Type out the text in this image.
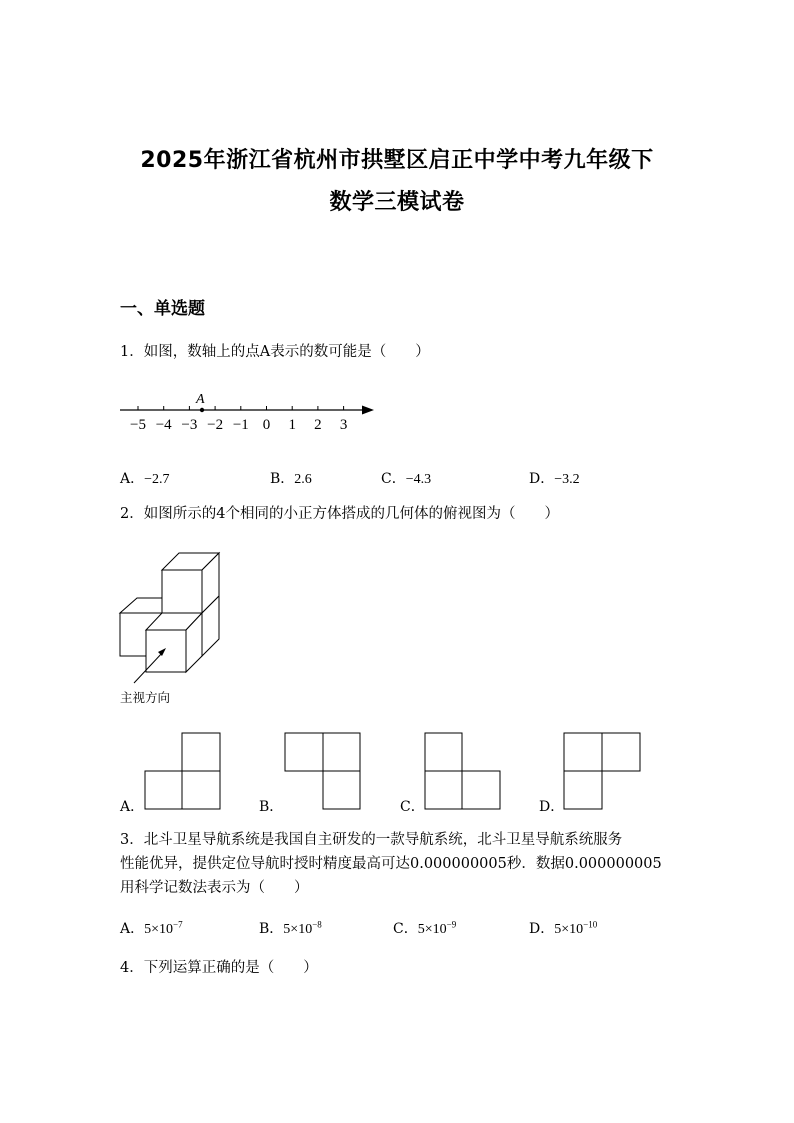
2025年浙江省杭州市拱墅区启正中学中考九年级下
数学三模试卷
一、单选题
1．如图，数轴上的点A表示的数可能是（　　）
−5 −4 −3 −2 −1 0 1 2 3
A
A．−2.7	B．2.6	C．−4.3	D．−3.2
2．如图所示的4个相同的小正方体搭成的几何体的俯视图为（　　）
主视方向
A．	B．	C．	D．
3．北斗卫星导航系统是我国自主研发的一款导航系统，北斗卫星导航系统服务
性能优异，提供定位导航时授时精度最高可达0.000000005秒．数据0.000000005
用科学记数法表示为（　　）
A．$5\times 10^{-7}$	B．$5\times 10^{-8}$	C．$5\times 10^{-9}$	D．$5\times 10^{-10}$
4．下列运算正确的是（　　）
